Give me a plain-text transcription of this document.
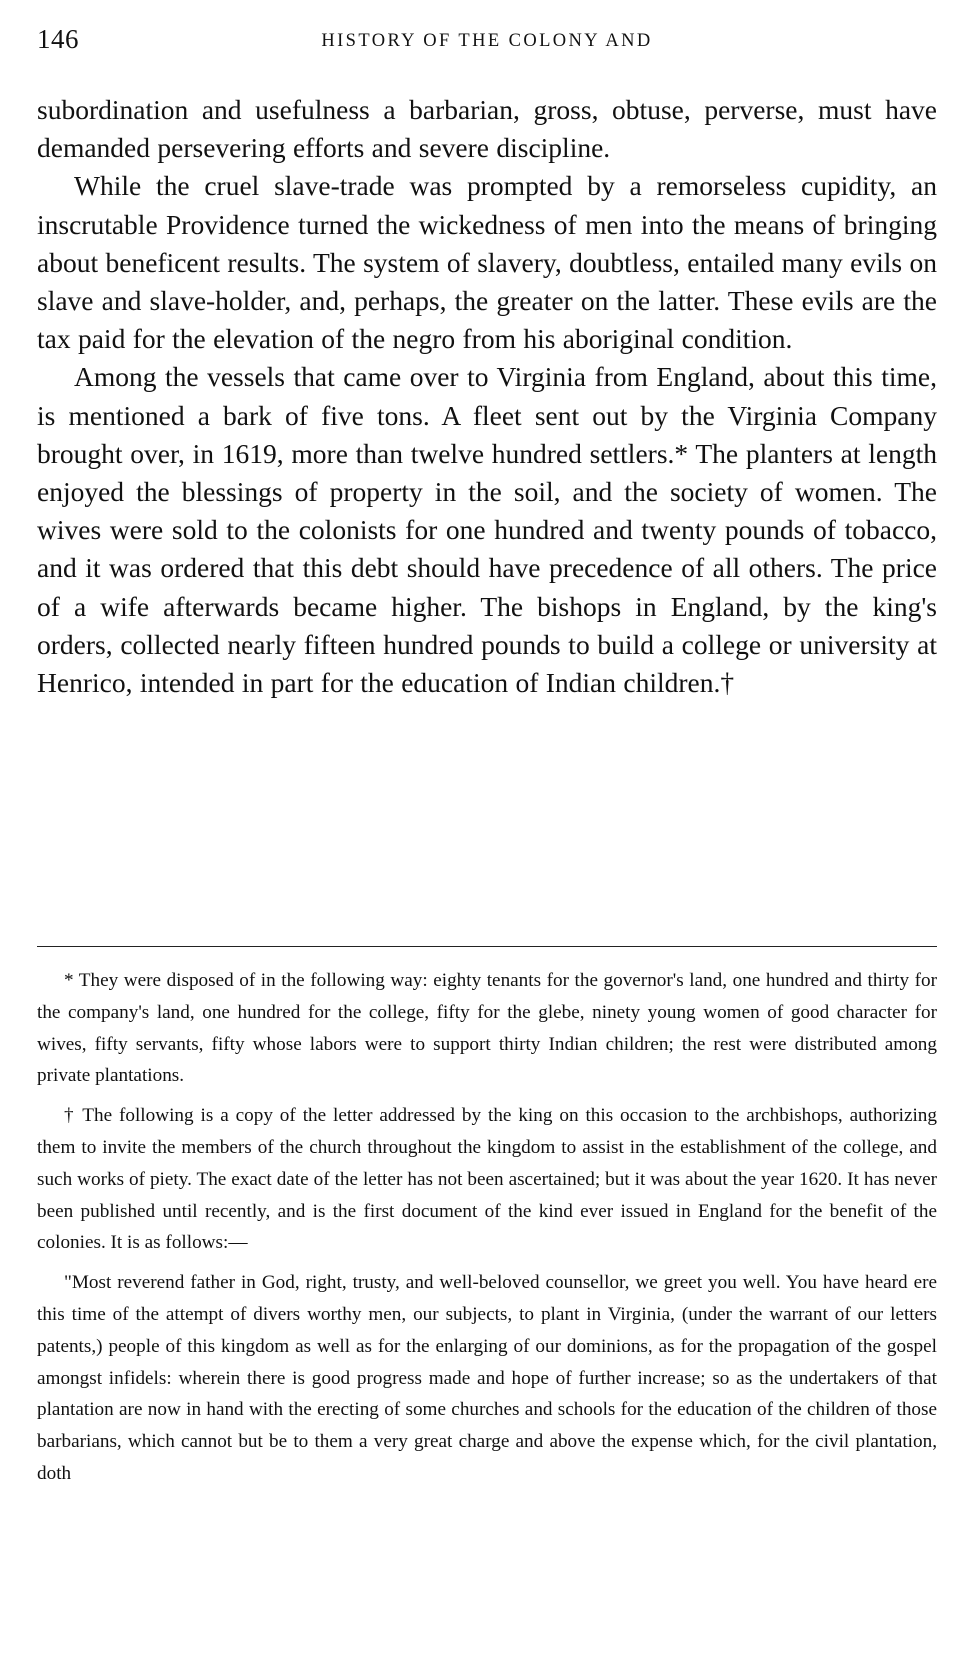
146	HISTORY OF THE COLONY AND

subordination and usefulness a barbarian, gross, obtuse, perverse, must have demanded persevering efforts and severe discipline.

While the cruel slave-trade was prompted by a remorseless cupidity, an inscrutable Providence turned the wickedness of men into the means of bringing about beneficent results. The system of slavery, doubtless, entailed many evils on slave and slave-holder, and, perhaps, the greater on the latter. These evils are the tax paid for the elevation of the negro from his aboriginal condition.

Among the vessels that came over to Virginia from England, about this time, is mentioned a bark of five tons. A fleet sent out by the Virginia Company brought over, in 1619, more than twelve hundred settlers.* The planters at length enjoyed the blessings of property in the soil, and the society of women. The wives were sold to the colonists for one hundred and twenty pounds of tobacco, and it was ordered that this debt should have precedence of all others. The price of a wife afterwards became higher. The bishops in England, by the king's orders, collected nearly fifteen hundred pounds to build a college or university at Henrico, intended in part for the education of Indian children.†

* They were disposed of in the following way: eighty tenants for the governor's land, one hundred and thirty for the company's land, one hundred for the college, fifty for the glebe, ninety young women of good character for wives, fifty servants, fifty whose labors were to support thirty Indian children; the rest were distributed among private plantations.

† The following is a copy of the letter addressed by the king on this occasion to the archbishops, authorizing them to invite the members of the church throughout the kingdom to assist in the establishment of the college, and such works of piety. The exact date of the letter has not been ascertained; but it was about the year 1620. It has never been published until recently, and is the first document of the kind ever issued in England for the benefit of the colonies. It is as follows:—

"Most reverend father in God, right, trusty, and well-beloved counsellor, we greet you well. You have heard ere this time of the attempt of divers worthy men, our subjects, to plant in Virginia, (under the warrant of our letters patents,) people of this kingdom as well as for the enlarging of our dominions, as for the propagation of the gospel amongst infidels: wherein there is good progress made and hope of further increase; so as the undertakers of that plantation are now in hand with the erecting of some churches and schools for the education of the children of those barbarians, which cannot but be to them a very great charge and above the expense which, for the civil plantation, doth
